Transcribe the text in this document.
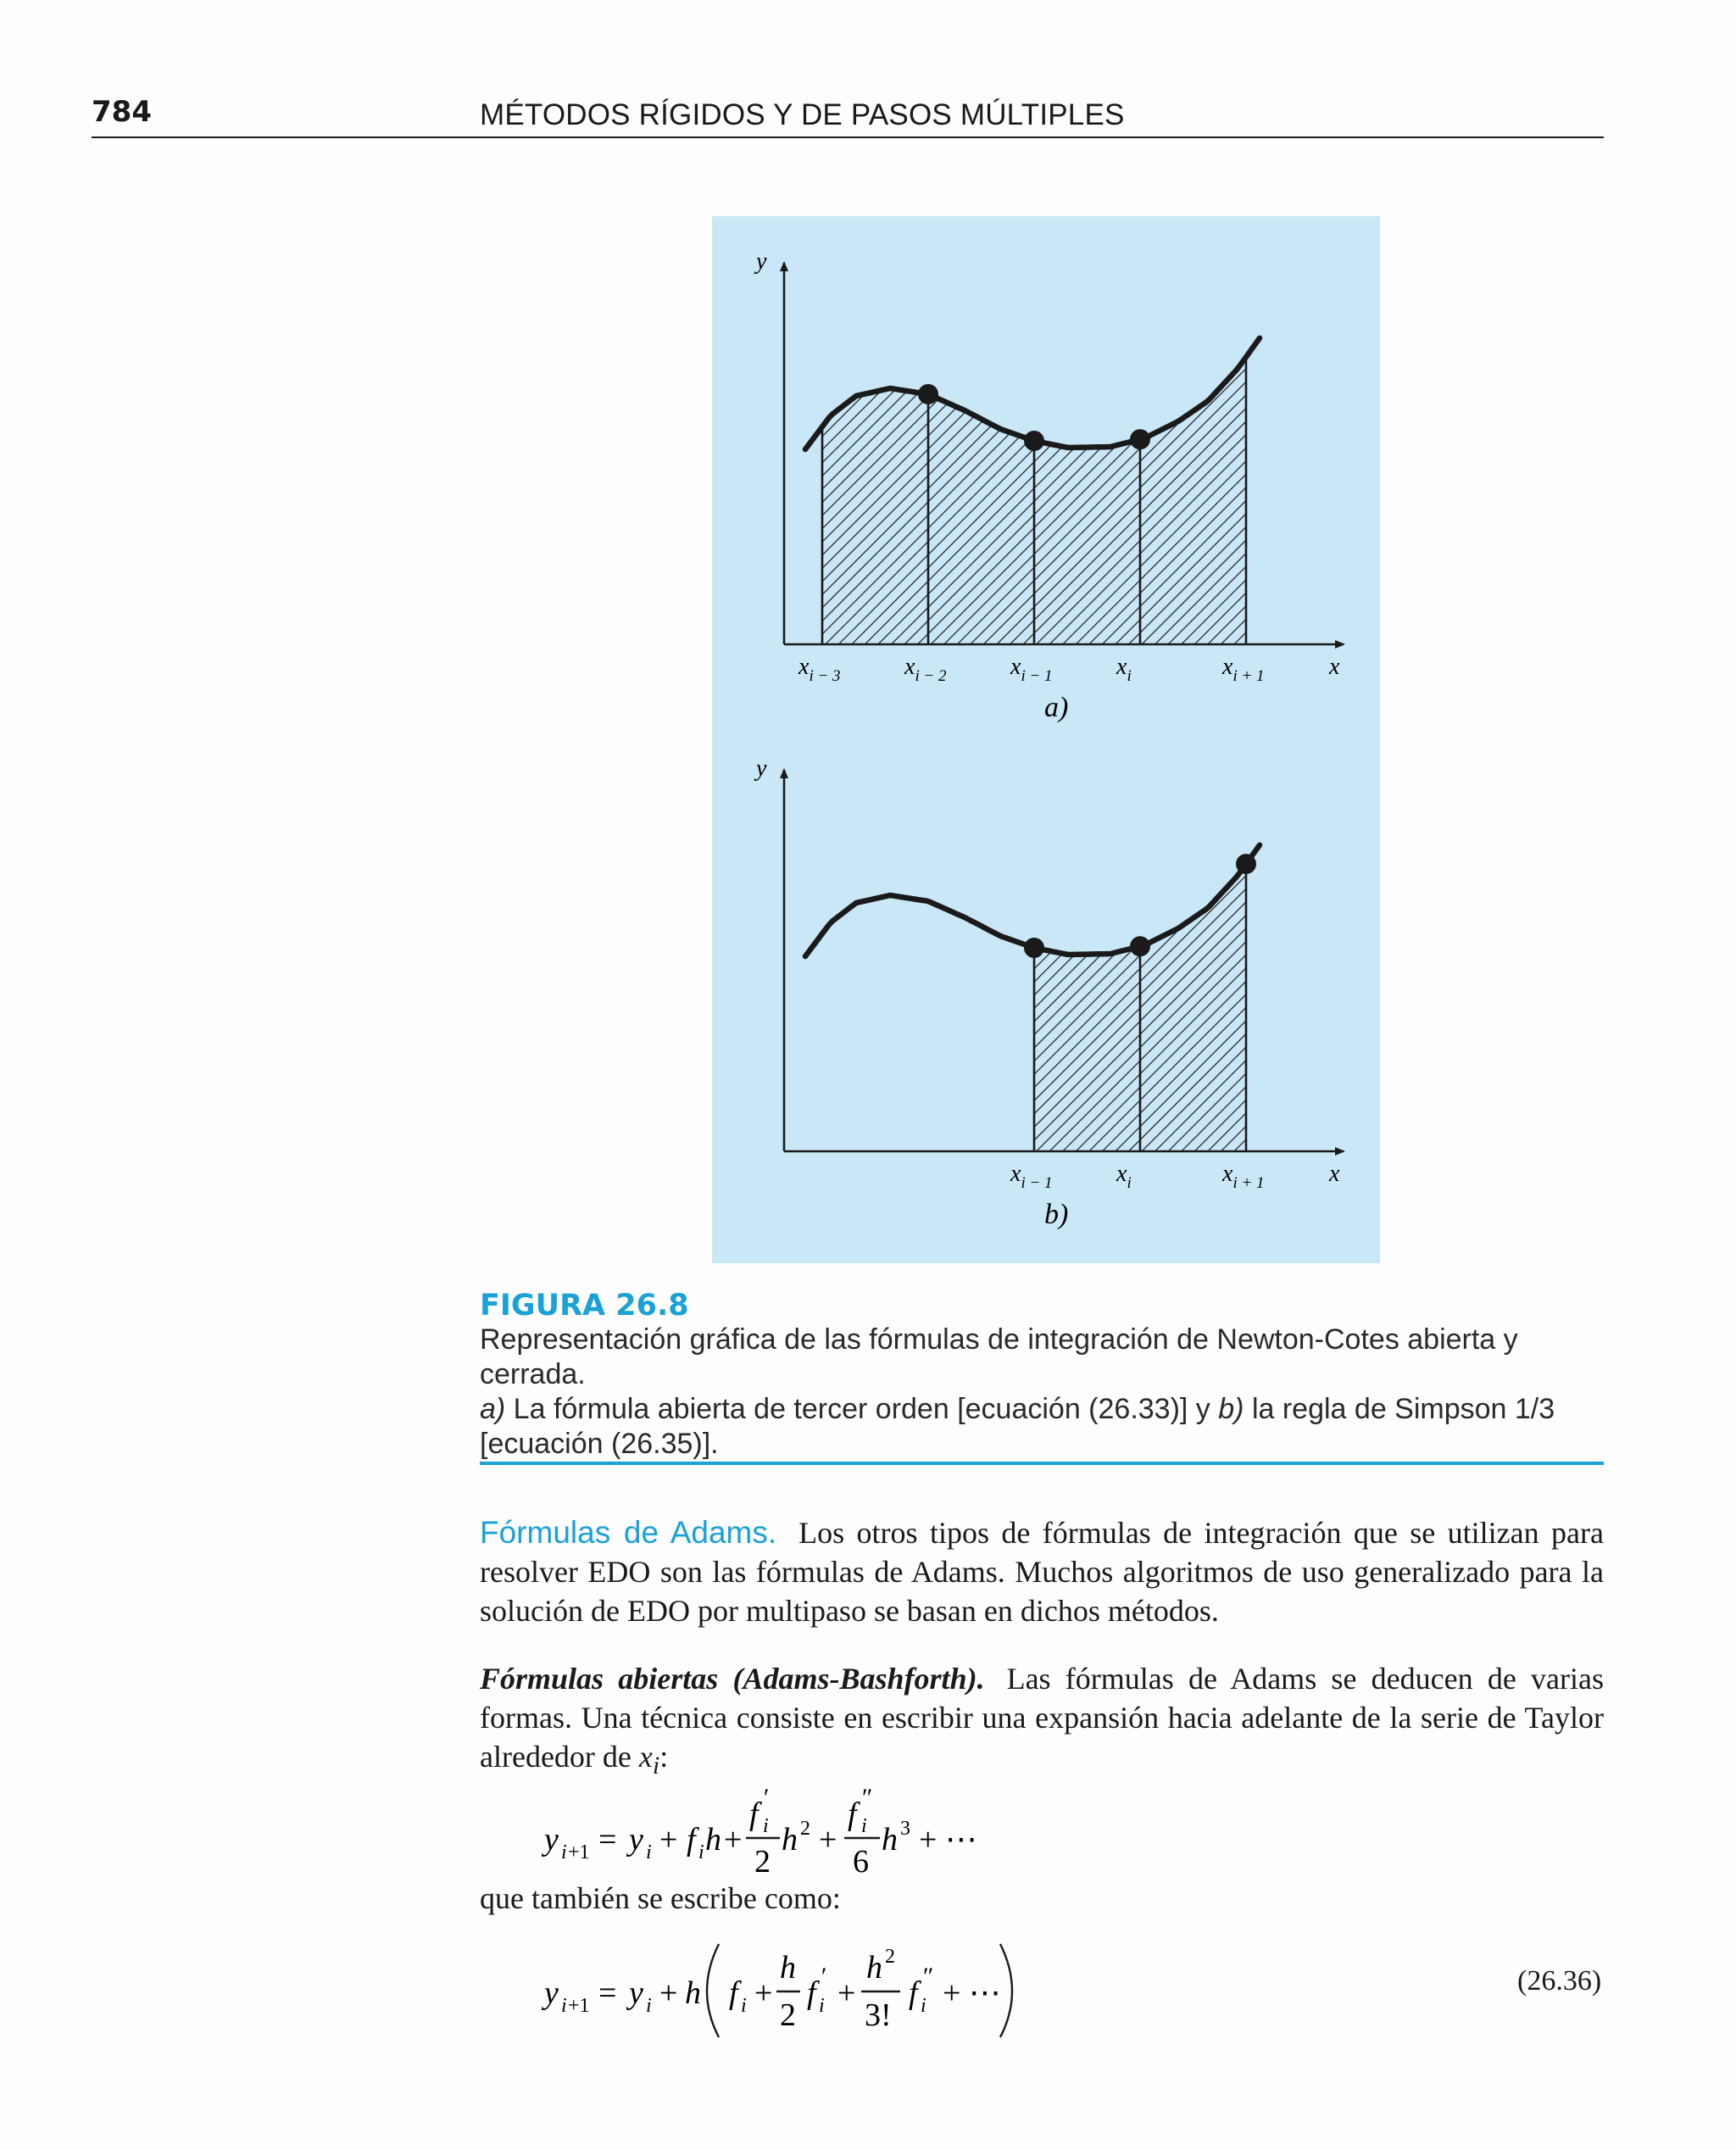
784	MÉTODOS RÍGIDOS Y DE PASOS MÚLTIPLES
y
x
$x_{i - 3}$	$x_{i - 2}$	$x_{i - 1}$	$x_i$	$x_{i + 1}$
a)
y
x
$x_{i - 1}$	$x_i$	$x_{i + 1}$
b)
FIGURA 26.8

Representación gráfica de las fórmulas de integración de Newton-Cotes abierta y cerrada.

a) La fórmula abierta de tercer orden [ecuación (26.33)] y b) la regla de Simpson 1/3 [ecuación (26.35)].

Fórmulas de Adams. Los otros tipos de fórmulas de integración que se utilizan para resolver EDO son las fórmulas de Adams. Muchos algoritmos de uso generalizado para la solución de EDO por multipaso se basan en dichos métodos.
Fórmulas abiertas (Adams-Bashforth). Las fórmulas de Adams se deducen de varias formas. Una técnica consiste en escribir una expansión hacia adelante de la serie de Taylor alrededor de $x_i$:
y i +1 = y i + f i h +
f ′
i
2
h 2 +
f ″
i
6
h 3 + ⋯
que también se escribe como:
y i +1 = y i + h f i +
h
2
f ′
i +
h 2
3!
f ″
i + ⋯	(26.36)
